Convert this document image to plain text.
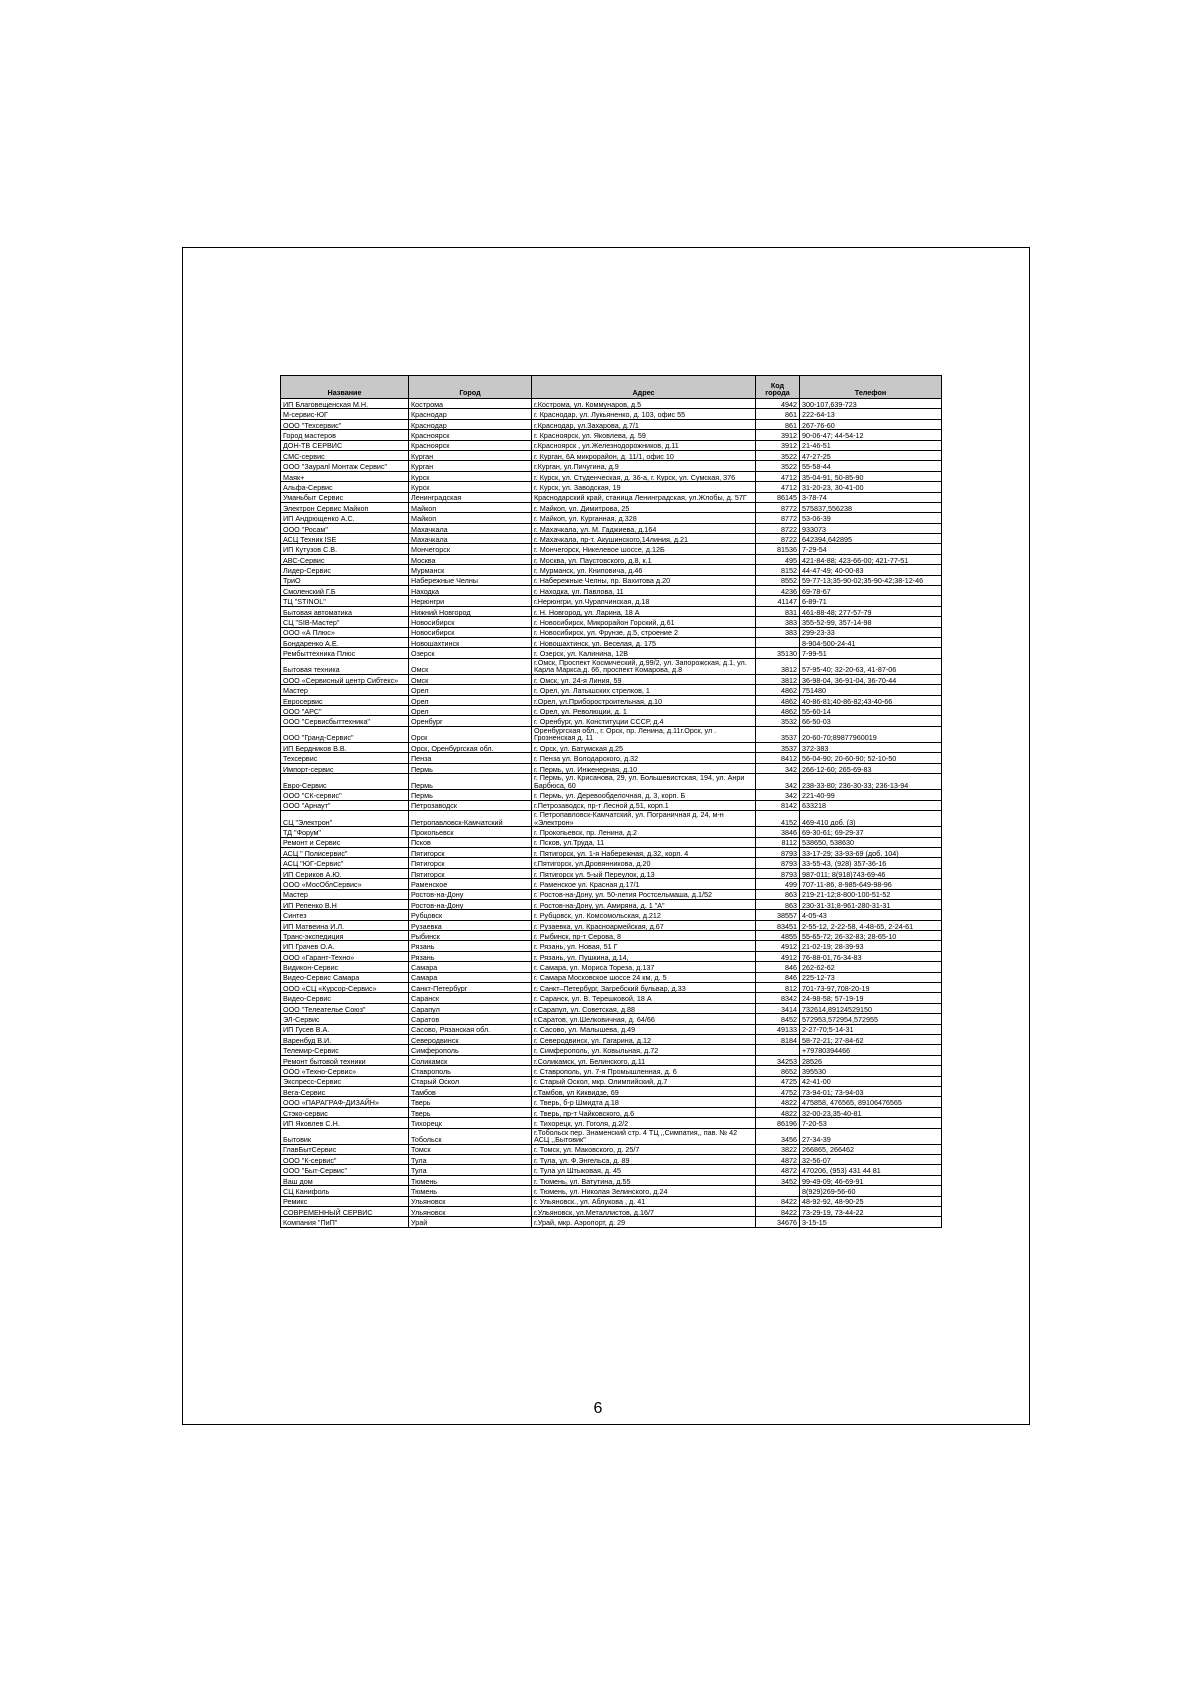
Название	Город	Адрес	Код города	Телефон
ИП Благовещенская М.Н.	Кострома	г.Кострома, ул. Коммунаров, д.5	4942	300-107,639-723
М-сервис-ЮГ	Краснодар	г. Краснодар, ул. Лукьяненко, д. 103, офис 55	861	222-64-13
ООО "Техсервис"	Краснодар	г.Краснодар, ул.Захарова, д.7/1	861	267-76-60
Город мастеров	Красноярск	г. Красноярск, ул. Яковлева, д. 59	3912	90-06-47; 44-54-12
ДОН-ТВ СЕРВИС	Красноярск	г.Красноярск , ул.Железнодорожников, д.11	3912	21-46-51
СМС-сервис	Курган	г. Курган, 6А микрорайон, д. 11/1, офис 10	3522	47-27-25
ООО "Зауралl Монтаж Сервис"	Курган	г.Курган, ул.Пичугина, д.9	3522	55-58-44
Маяк+	Курск	г. Курск, ул. Студенческая, д. 36-а, г. Курск, ул. Сумская, 376	4712	35-04-91, 50-85-90
Альфа-Сервис	Курск	г. Курск, ул. Заводская, 19	4712	31-20-23, 30-41-00
Уманьбыт Сервис	Ленинградская	Краснодарский край, станица Ленинградская, ул.Жлобы, д. 57Г	86145	3-78-74
Электрон Сервис Майкоп	Майкоп	г. Майкоп, ул. Димитрова, 25	8772	575837,556238
ИП Андрющенко А.С.	Майкоп	г. Майкоп, ул. Курганная, д.328	8772	53-06-39
ООО "Росам"	Махачкала	г. Махачкала, ул. М. Гаджиева, д.164	8722	933073
АСЦ Техник ISE	Махачкала	г. Махачкала, пр-т. Акушинского,14линия, д.21	8722	642394,642895
ИП Кутузов С.В.	Мончегорск	г. Мончегорск, Никелевое шоссе, д.12Б	81536	7-29-54
АВС-Сервис	Москва	г. Москва, ул. Паустовского, д.8, к.1	495	421-84-88; 423-66-00; 421-77-51
Лидер-Сервис	Мурманск	г. Мурманск, ул. Книповича, д.46	8152	44-47-49; 40-00-83
ТриО	Набережные Челны	г. Набережные Челны, пр. Вахитова д.20	8552	59-77-13;35-90-02;35-90-42;38-12-46
Смоленский Г.Б	Находка	г. Находка, ул. Павлова, 11	4236	69-78-67
ТЦ "STINOL"	Нерюнгри	г.Нерюнгри, ул.Чурапчинская, д.18	41147	6-89-71
Бытовая автоматика	Нижний Новгород	г. Н. Новгород, ул. Ларина, 18 А	831	461-88-48; 277-57-79
СЦ "SIB-Мастер"	Новосибирск	г. Новосибирск, Микрорайон Горский, д.61	383	355-52-99, 357-14-98
ООО «А Плюс»	Новосибирск	г. Новосибирск, ул. Фрунзе, д.5, строение 2	383	299-23-33
Бондаренко А.Е.	Новошахтинск	г. Новошахтинск, ул. Веселая, д. 175		8-904-500-24-41
Рембыттехника Плюс	Озерск	г. Озерск, ул. Калинина, 12В	35130	7-99-51
Бытовая техника	Омск	г.Омск, Проспект Космический, д.99/2, ул. Запорожская, д.1, ул. Карла Маркса,д. 66, проспект Комарова, д.8	3812	57-95-40; 32-20-63, 41-87-06
ООО «Сервисный центр Сибтекс»	Омск	г. Омск, ул. 24-я Линия, 59	3812	36-98-04, 36-91-04, 36-70-44
Мастер	Орел	г. Орел, ул. Латышских стрелков, 1	4862	751480
Евросервис	Орел	г.Орел, ул.Приборостроительная, д.10	4862	40-86-81;40-86-82;43-40-66
ООО "АРС"	Орел	г. Орел, ул. Революции, д. 1	4862	55-60-14
ООО "Сервисбыттехника"	Оренбург	г. Оренбург, ул. Конституции СССР, д.4	3532	66-50-03
ООО "Гранд-Сервис"	Орск	Оренбургская обл., г. Орск, пр. Ленина, д.11г.Орск, ул . Грозненская д. 11	3537	20-60-70;89877960019
ИП Бердников В.В.	Орск, Оренбургская обл.	г. Орск, ул. Батумская д.25	3537	372-383
Техсервис	Пенза	г. Пенза ул. Володарского, д.32	8412	56-04-90; 20-60-90; 52-10-50
Импорт-сервис	Пермь	г. Пермь, ул. Инженерная, д.10	342	266-12-60; 265-69-83
Евро-Сервис	Пермь	г. Пермь, ул. Крисанова, 29, ул. Большевистская, 194, ул. Анри Барбюса, 60	342	238-33-80; 236-30-33; 236-13-94
ООО "СК-сервис"	Пермь	г. Пермь, ул. Деревообделочная, д. 3, корп. Б	342	221-40-99
ООО "Арнаут"	Петрозаводск	г.Петрозаводск, пр-т Лесной д.51, корп.1	8142	633218
СЦ "Электрон"	Петропавловск-Камчатский	г. Петропавловск-Камчатский, ул. Пограничная д. 24, м-н «Электрон»	4152	469-410 доб. (3)
ТД "Форум"	Прокопьевск	г. Прокопьевск, пр. Ленина, д.2	3846	69-30-61; 69-29-37
Ремонт и Сервис	Псков	г. Псков, ул.Труда, 11	8112	538650, 538630
АСЦ " Полисервис"	Пятигорск	г. Пятигорск, ул. 1-я Набережная, д.32, корп. 4	8793	33-17-29; 33-93-69 (доб. 104)
АСЦ "ЮГ-Сервис"	Пятигорск	г.Пятигорск, ул.Дровянникова, д.20	8793	33-55-43, (928) 357-36-16
ИП Сериков А.Ю.	Пятигорск	г. Пятигорск ул. 5-ый Переулок, д.13	8793	987-011; 8(918)743-69-46
ООО «МосОблСервис»	Раменское	г. Раменское ул. Красная д.17/1	499	707-11-86, 8-985-649-98-96
Мастер	Ростов-на-Дону	г. Ростов-на-Дону, ул. 50-летия Ростсельмаша, д.1/52	863	219-21-12;8-800-100-51-52
ИП Репенко В.Н	Ростов-на-Дону	г. Ростов-на-Дону, ул. Амиряна, д. 1 "А"	863	230-31-31;8-961-280-31-31
Синтез	Рубцовск	г. Рубцовск, ул. Комсомольская, д.212	38557	4-05-43
ИП Матвеина И.Л.	Рузаевка	г. Рузаевка, ул. Красноармейская, д.67	83451	2-55-12, 2-22-58, 4-48-65, 2-24-61
Транс-экспедиция	Рыбинск	г. Рыбинск, пр-т Серова, 8	4855	55-65-72; 26-32-83; 28-65-10
ИП Грачев О.А.	Рязань	г. Рязань, ул. Новая, 51 Г	4912	21-02-19; 28-39-93
ООО «Гарант-Техно»	Рязань	г. Рязань, ул. Пушкина, д.14,	4912	76-88-01,76-34-83
Видикон-Сервис	Самара	г. Самара, ул. Мориса Тореза, д.137	846	262-62-62
Видео-Сервис Самара	Самара	г. Самара Московское шоссе 24 км, д. 5	846	225-12-73
ООО «СЦ «Курсор-Сервис»	Санкт-Петербург	г. Санкт–Петербург, Загребский бульвар, д.33	812	701-73-97,708-20-19
Видео-Сервис	Саранск	г. Саранск, ул. В. Терешковой, 18 А	8342	24-98-58; 57-19-19
ООО "Телеателье Союз"	Сарапул	г.Сарапул, ул. Советская, д.88	3414	732614,89124529150
ЭЛ-Сервис	Саратов	г.Саратов, ул.Шелковичная, д. 64/66	8452	572953,572954,572955
ИП Гусев В.А.	Сасово, Рязанская обл.	г. Сасово, ул. Малышева, д.49	49133	2-27-70;5-14-31
Варенбуд В.И.	Северодвинск	г. Северодвинск, ул. Гагарина, д.12	8184	58-72-21; 27-84-62
Телемир-Сервис	Симферополь	г. Симферополь, ул. Ковыльная, д.72		+79780394466
Ремонт бытовой техники	Соликамск	г.Соликамск, ул. Белинского, д.11	34253	28526
ООО «Техно-Сервис»	Ставрополь	г. Ставрополь, ул. 7-я Промышленная, д. 6	8652	395530
Экспресс-Сервис	Старый Оскол	г. Старый Оскол, мкр. Олимпийский, д.7	4725	42-41-00
Вега-Сервис	Тамбов	г.Тамбов, ул Киквидзе, 69	4752	73-94-01; 73-94-03
ООО «ПАРАГРАФ-ДИЗАЙН»	Тверь	г. Тверь, б-р Шмидта д.18	4822	475858, 476565, 89106476565
Стэко-сервис	Тверь	г. Тверь, пр-т Чайковского, д.6	4822	32-00-23,35-40-81
ИП Яковлев С.Н.	Тихорецк	г. Тихорецк, ул. Гоголя, д.2/2	86196	7-20-53
Бытовик	Тобольск	г.Тобольск пер. Знаменский стр. 4 ТЦ ,,Симпатия,, пав. № 42 АСЦ ,,Бытовик"	3456	27-34-39
ГлавБытСервис	Томск	г. Томск, ул. Маковского, д. 25/7	3822	266865, 266462
ООО "К-сервис"	Тула	г. Тула, ул. Ф.Энгельса, д. 89	4872	32-56-07
ООО "Быт-Сервис"	Тула	г. Тула ул Штыковая, д. 45	4872	470206, (953) 431 44 81
Ваш дом	Тюмень	г. Тюмень, ул. Ватутина, д.55	3452	99-49-09; 46-69-91
СЦ Канифоль	Тюмень	г. Тюмень, ул. Николая Зелинского, д.24		8(929)269-56-60
Ремикс	Ульяновск	г. Ульяновск., ул. Аблукова , д. 41	8422	48-92-92, 48-90-25
СОВРЕМЕННЫЙ СЕРВИС	Ульяновск	г.Ульяновск, ул.Металлистов, д.16/7	8422	73-29-19, 73-44-22
Компания "ПиП"	Урай	г.Урай, мкр. Аэропорт, д. 29	34676	3-15-15
6
